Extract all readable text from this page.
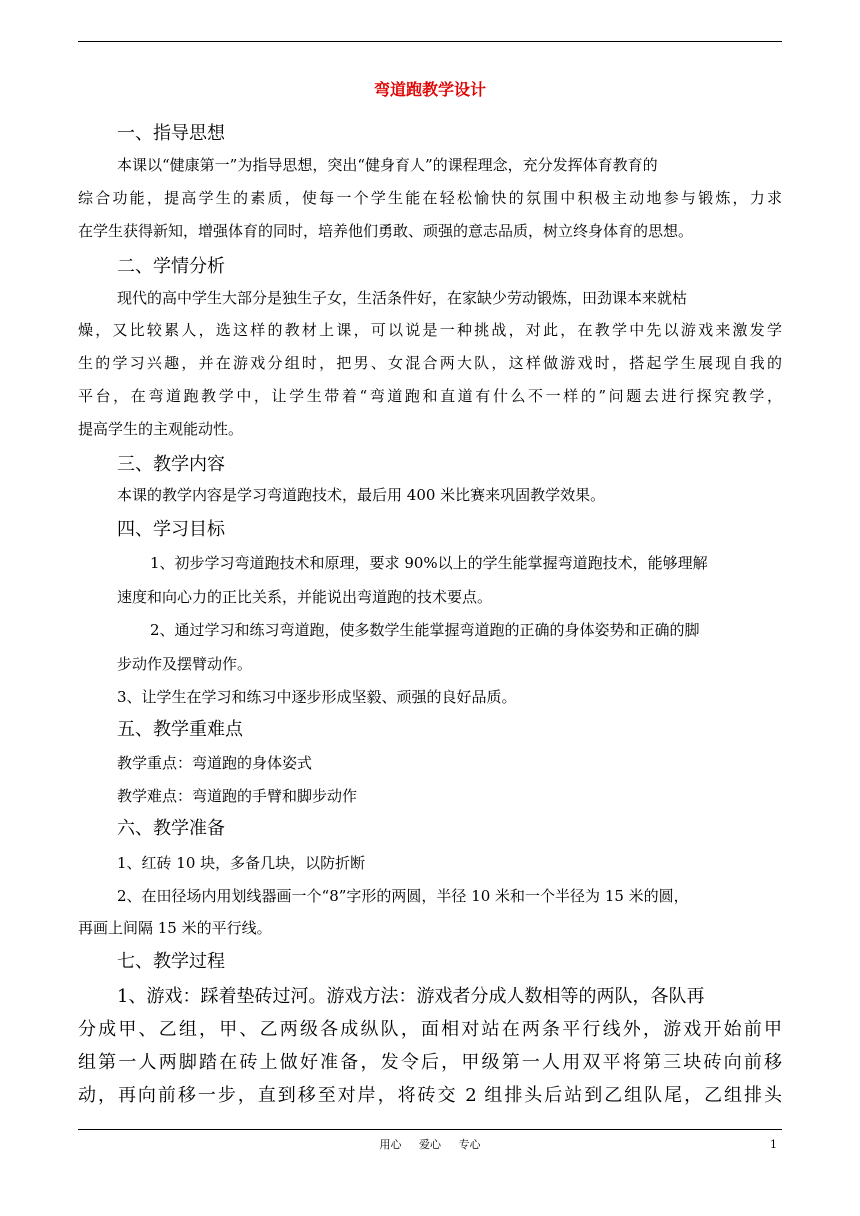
弯道跑教学设计
一、指导思想
本课以“健康第一”为指导思想，突出“健身育人”的课程理念，充分发挥体育教育的
综合功能，提高学生的素质，使每一个学生能在轻松愉快的氛围中积极主动地参与锻炼，力求
在学生获得新知，增强体育的同时，培养他们勇敢、顽强的意志品质，树立终身体育的思想。
二、学情分析
现代的高中学生大部分是独生子女，生活条件好，在家缺少劳动锻炼，田劲课本来就枯
燥，又比较累人，选这样的教材上课，可以说是一种挑战，对此，在教学中先以游戏来激发学
生的学习兴趣，并在游戏分组时，把男、女混合两大队，这样做游戏时，搭起学生展现自我的
平台，在弯道跑教学中，让学生带着“弯道跑和直道有什么不一样的”问题去进行探究教学，
提高学生的主观能动性。
三、教学内容
本课的教学内容是学习弯道跑技术，最后用 400 米比赛来巩固教学效果。
四、学习目标
1、初步学习弯道跑技术和原理，要求 90%以上的学生能掌握弯道跑技术，能够理解
速度和向心力的正比关系，并能说出弯道跑的技术要点。
2、通过学习和练习弯道跑，使多数学生能掌握弯道跑的正确的身体姿势和正确的脚
步动作及摆臂动作。
3、让学生在学习和练习中逐步形成坚毅、顽强的良好品质。
五、教学重难点
教学重点：弯道跑的身体姿式
教学难点：弯道跑的手臂和脚步动作
六、教学准备
1、红砖 10 块，多备几块，以防折断
2、在田径场内用划线器画一个“8”字形的两圆，半径 10 米和一个半径为 15 米的圆，
再画上间隔 15 米的平行线。
七、教学过程
1、游戏：踩着垫砖过河。游戏方法：游戏者分成人数相等的两队，各队再
分成甲、乙组，甲、乙两级各成纵队，面相对站在两条平行线外，游戏开始前甲
组第一人两脚踏在砖上做好准备，发令后，甲级第一人用双平将第三块砖向前移
动，再向前移一步，直到移至对岸，将砖交 2 组排头后站到乙组队尾，乙组排头
用心 爱心 专心	1
